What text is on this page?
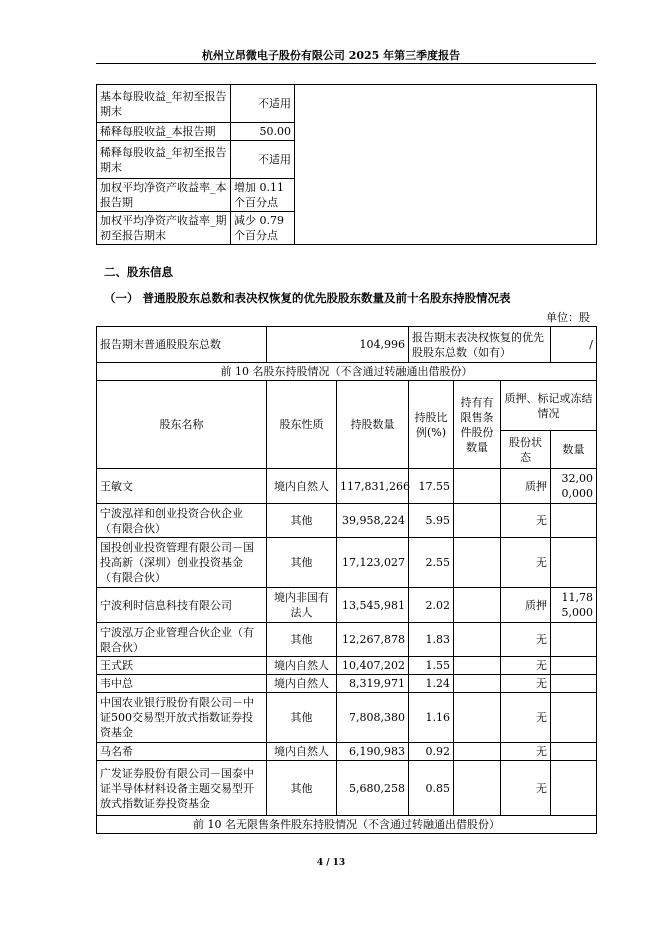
杭州立昂微电子股份有限公司 2025 年第三季度报告
基本每股收益_年初至报告期末	不适用	
稀释每股收益_本报告期	50.00	
稀释每股收益_年初至报告期末	不适用	
加权平均净资产收益率_本报告期	增加 0.11 个百分点	
加权平均净资产收益率_期初至报告期末	减少 0.79 个百分点	
二、股东信息
（一） 普通股股东总数和表决权恢复的优先股股东数量及前十名股东持股情况表
单位：股
报告期末普通股股东总数	104,996		报告期末表决权恢复的优先股股东总数（如有）			/
前 10 名股东持股情况（不含通过转融通出借股份）						
股东名称	股东性质	持股数量	持股比例(%)	持有有限售条件股份数量	质押、标记或冻结情况	
					股份状态	数量
王敏文	境内自然人	117,831,266	17.55		质押	32,000,000
宁波泓祥和创业投资合伙企业（有限合伙）	其他	39,958,224	5.95		无	
国投创业投资管理有限公司－国投高新（深圳）创业投资基金（有限合伙）	其他	17,123,027	2.55		无	
宁波利时信息科技有限公司	境内非国有法人	13,545,981	2.02		质押	11,785,000
宁波泓万企业管理合伙企业（有限合伙）	其他	12,267,878	1.83		无	
王式跃	境内自然人	10,407,202	1.55		无	
韦中总	境内自然人	8,319,971	1.24		无	
中国农业银行股份有限公司－中证500交易型开放式指数证券投资基金	其他	7,808,380	1.16		无	
马名希	境内自然人	6,190,983	0.92		无	
广发证券股份有限公司－国泰中证半导体材料设备主题交易型开放式指数证券投资基金	其他	5,680,258	0.85		无	
前 10 名无限售条件股东持股情况（不含通过转融通出借股份）						
4 / 13
